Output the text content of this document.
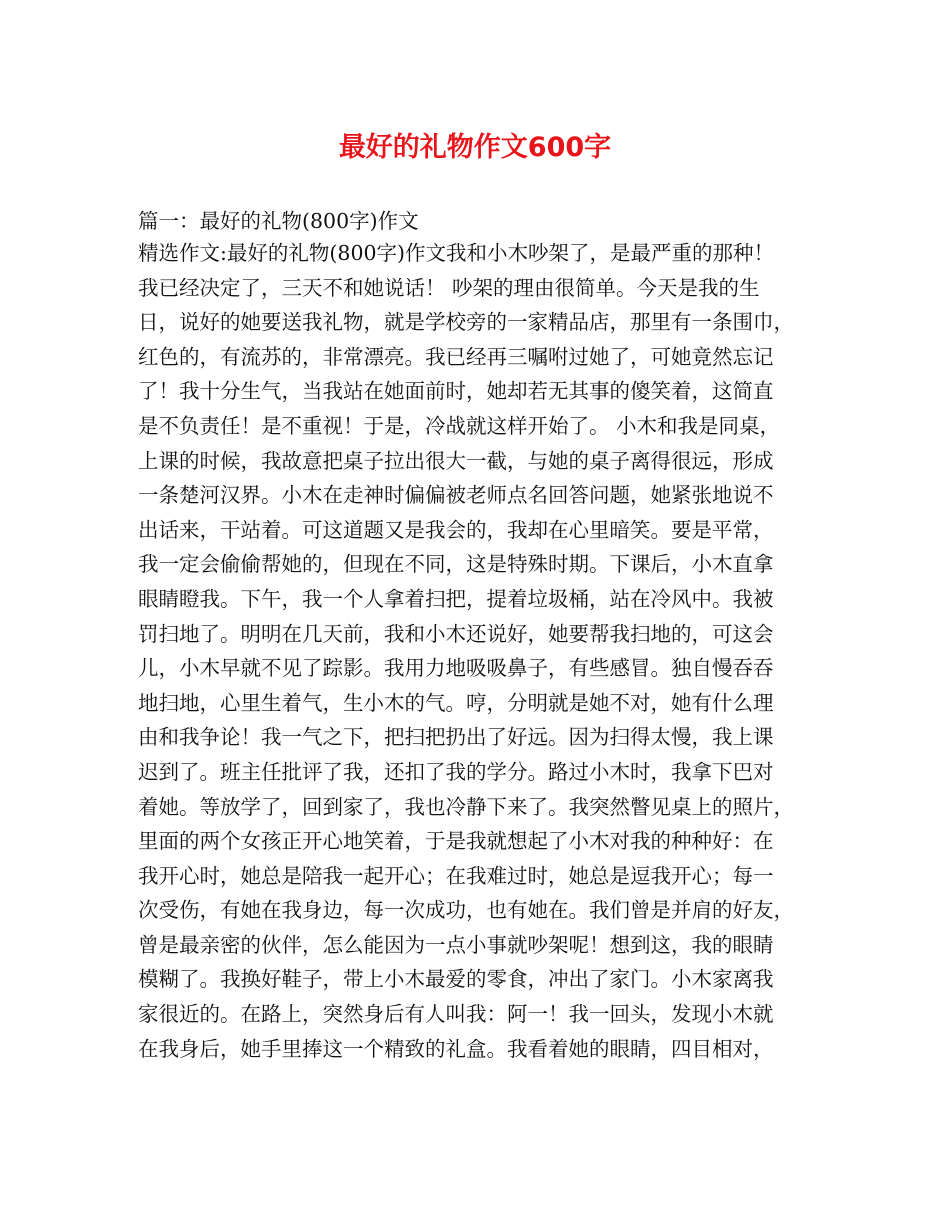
最好的礼物作文600字
篇一：最好的礼物(800字)作文
精选作文:最好的礼物(800字)作文我和小木吵架了，是最严重的那种！
我已经决定了，三天不和她说话！ 吵架的理由很简单。今天是我的生
日，说好的她要送我礼物，就是学校旁的一家精品店，那里有一条围巾，
红色的，有流苏的，非常漂亮。我已经再三嘱咐过她了，可她竟然忘记
了！我十分生气，当我站在她面前时，她却若无其事的傻笑着，这简直
是不负责任！是不重视！于是，冷战就这样开始了。 小木和我是同桌，
上课的时候，我故意把桌子拉出很大一截，与她的桌子离得很远，形成
一条楚河汉界。小木在走神时偏偏被老师点名回答问题，她紧张地说不
出话来，干站着。可这道题又是我会的，我却在心里暗笑。要是平常，
我一定会偷偷帮她的，但现在不同，这是特殊时期。下课后，小木直拿
眼睛瞪我。下午，我一个人拿着扫把，提着垃圾桶，站在冷风中。我被
罚扫地了。明明在几天前，我和小木还说好，她要帮我扫地的，可这会
儿，小木早就不见了踪影。我用力地吸吸鼻子，有些感冒。独自慢吞吞
地扫地，心里生着气，生小木的气。哼，分明就是她不对，她有什么理
由和我争论！我一气之下，把扫把扔出了好远。因为扫得太慢，我上课
迟到了。班主任批评了我，还扣了我的学分。路过小木时，我拿下巴对
着她。等放学了，回到家了，我也冷静下来了。我突然瞥见桌上的照片，
里面的两个女孩正开心地笑着，于是我就想起了小木对我的种种好：在
我开心时，她总是陪我一起开心；在我难过时，她总是逗我开心；每一
次受伤，有她在我身边，每一次成功，也有她在。我们曾是并肩的好友，
曾是最亲密的伙伴，怎么能因为一点小事就吵架呢！想到这，我的眼睛
模糊了。我换好鞋子，带上小木最爱的零食，冲出了家门。小木家离我
家很近的。在路上，突然身后有人叫我：阿一！我一回头，发现小木就
在我身后，她手里捧这一个精致的礼盒。我看着她的眼睛，四目相对，
